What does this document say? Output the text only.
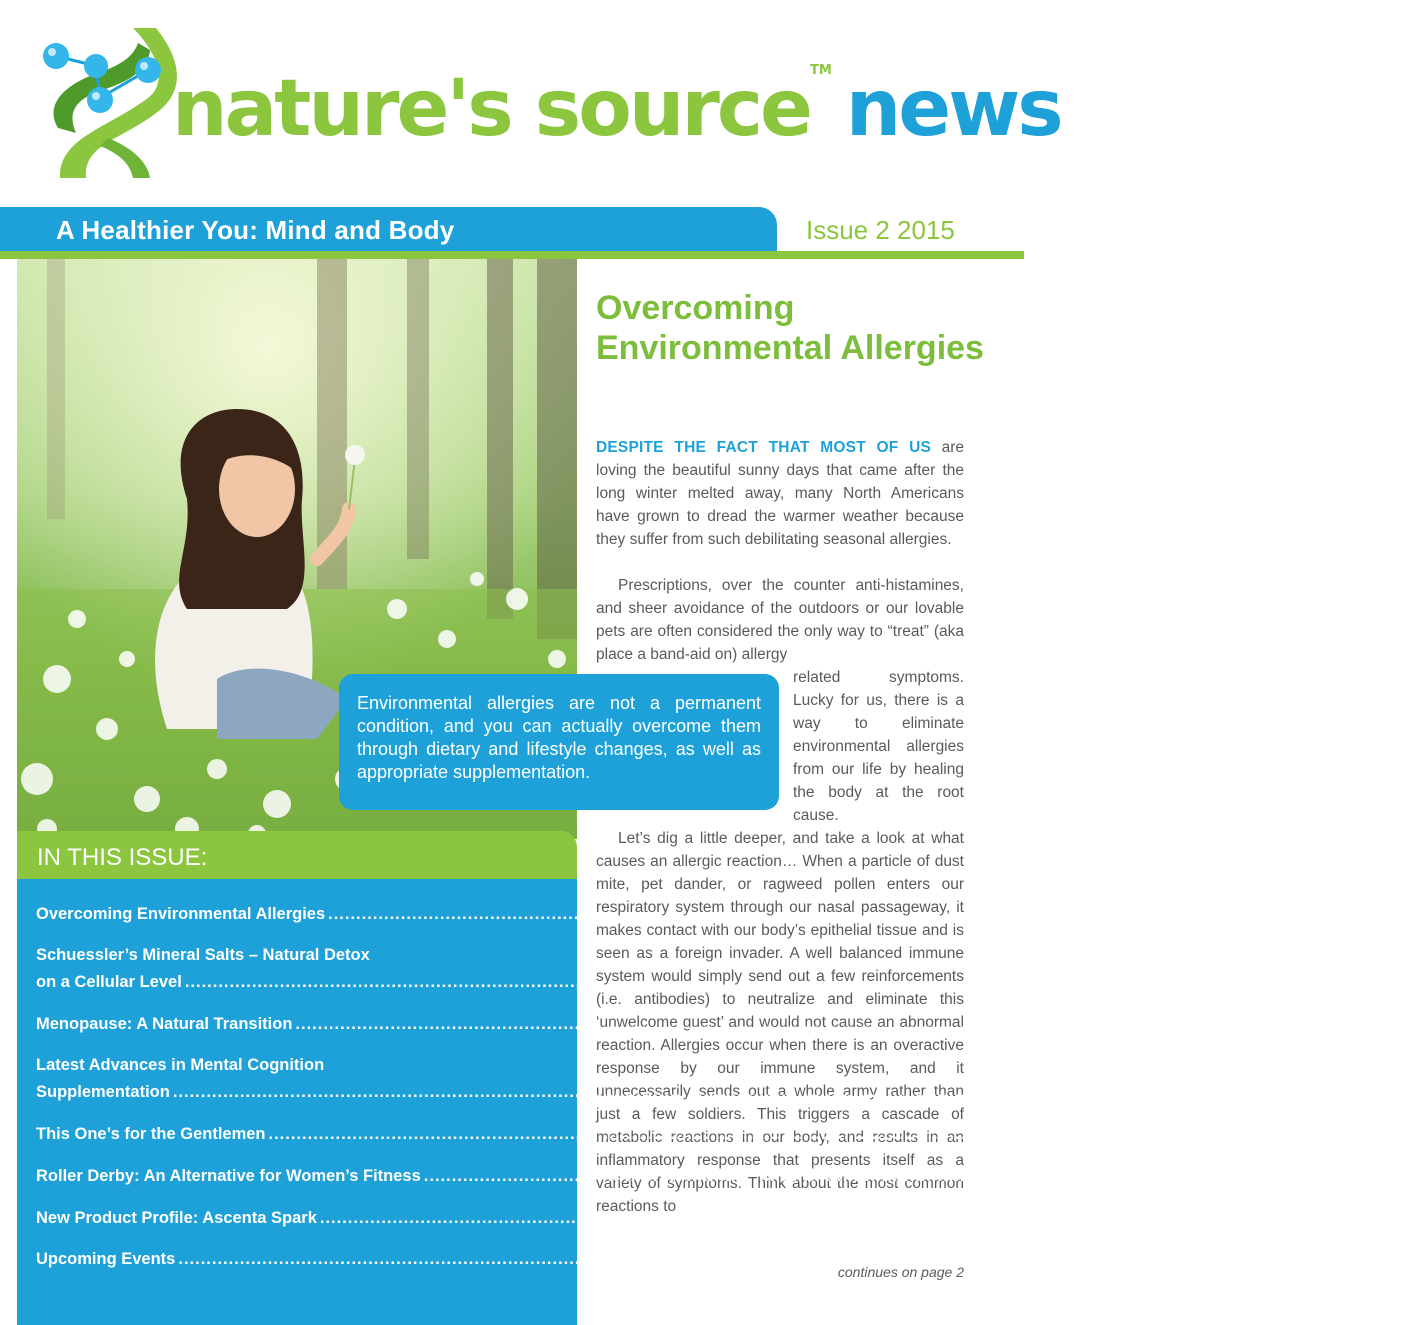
nature's source™ news
A Healthier You: Mind and Body	Issue 2 2015
Overcoming Environmental Allergies

DESPITE THE FACT THAT MOST OF US are loving the beautiful sunny days that came after the long winter melted away, many North Americans have grown to dread the warmer weather because they suffer from such debilitating seasonal allergies.

Prescriptions, over the counter anti-histamines, and sheer avoidance of the outdoors or our lovable pets are often considered the only way to “treat” (aka place a band-aid on) allergy

related symptoms. Lucky for us, there is a way to eliminate environmental allergies from our life by healing the body at the root cause.

Let’s dig a little deeper, and take a look at what causes an allergic reaction… When a particle of dust mite, pet dander, or ragweed pollen enters our respiratory system through our nasal passageway, it makes contact with our body’s epithelial tissue and is seen as a foreign invader. A well balanced immune system would simply send out a few reinforcements (i.e. antibodies) to neutralize and eliminate this ‘unwelcome guest’ and would not cause an abnormal reaction. Allergies occur when there is an overactive response by our immune system, and it unnecessarily sends out a whole army rather than just a few soldiers. This triggers a cascade of metabolic reactions in our body, and results in an inflammatory response that presents itself as a variety of symptoms. Think about the most common reactions to

continues on page 2

Environmental allergies are not a permanent condition, and you can actually overcome them through dietary and lifestyle changes, as well as appropriate supplementation.

IN THIS ISSUE:
Overcoming Environmental Allergies .....	page 1
Schuessler’s Mineral Salts – Natural Detox
on a Cellular Level .....	page 3
Menopause: A Natural Transition .....	page 4
Latest Advances in Mental Cognition
Supplementation .....	page 6
This One’s for the Gentlemen .....	page 8
Roller Derby: An Alternative for Women’s Fitness .....	page 9
New Product Profile: Ascenta Spark .....	page 10
Upcoming Events .....	page 12
